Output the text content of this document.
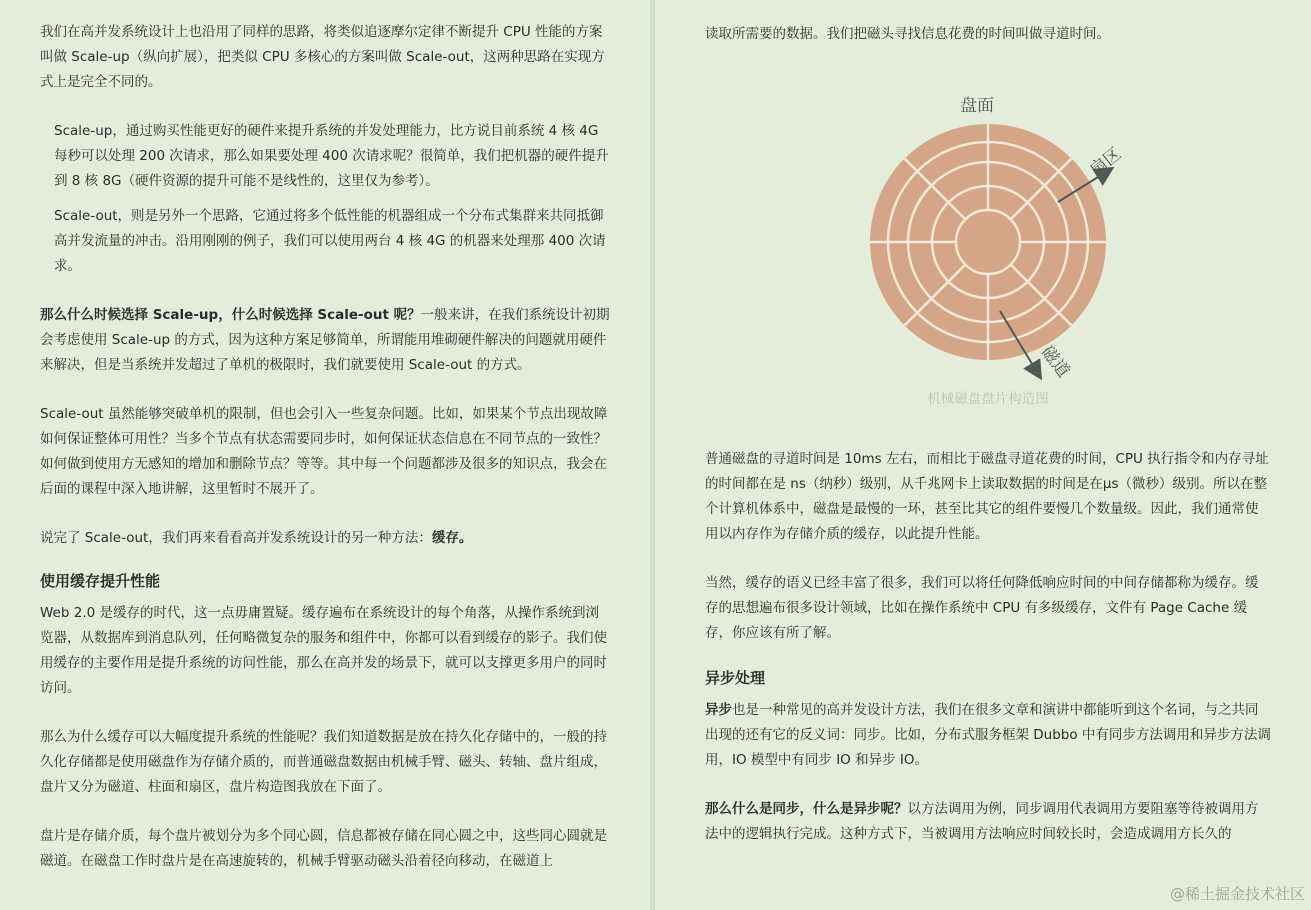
我们在高并发系统设计上也沿用了同样的思路，将类似追逐摩尔定律不断提升 CPU 性能的方案叫做 Scale-up（纵向扩展），把类似 CPU 多核心的方案叫做 Scale-out，这两种思路在实现方式上是完全不同的。

Scale-up，通过购买性能更好的硬件来提升系统的并发处理能力，比方说目前系统 4 核 4G 每秒可以处理 200 次请求，那么如果要处理 400 次请求呢？很简单，我们把机器的硬件提升到 8 核 8G（硬件资源的提升可能不是线性的，这里仅为参考）。

Scale-out，则是另外一个思路，它通过将多个低性能的机器组成一个分布式集群来共同抵御高并发流量的冲击。沿用刚刚的例子，我们可以使用两台 4 核 4G 的机器来处理那 400 次请求。

那么什么时候选择 Scale-up，什么时候选择 Scale-out 呢？一般来讲，在我们系统设计初期会考虑使用 Scale-up 的方式，因为这种方案足够简单，所谓能用堆砌硬件解决的问题就用硬件来解决，但是当系统并发超过了单机的极限时，我们就要使用 Scale-out 的方式。

Scale-out 虽然能够突破单机的限制，但也会引入一些复杂问题。比如，如果某个节点出现故障如何保证整体可用性？当多个节点有状态需要同步时，如何保证状态信息在不同节点的一致性？如何做到使用方无感知的增加和删除节点？等等。其中每一个问题都涉及很多的知识点，我会在后面的课程中深入地讲解，这里暂时不展开了。

说完了 Scale-out，我们再来看看高并发系统设计的另一种方法：缓存。

使用缓存提升性能

Web 2.0 是缓存的时代，这一点毋庸置疑。缓存遍布在系统设计的每个角落，从操作系统到浏览器，从数据库到消息队列，任何略微复杂的服务和组件中，你都可以看到缓存的影子。我们使用缓存的主要作用是提升系统的访问性能，那么在高并发的场景下，就可以支撑更多用户的同时访问。

那么为什么缓存可以大幅度提升系统的性能呢？我们知道数据是放在持久化存储中的，一般的持久化存储都是使用磁盘作为存储介质的，而普通磁盘数据由机械手臂、磁头、转轴、盘片组成，盘片又分为磁道、柱面和扇区，盘片构造图我放在下面了。

盘片是存储介质，每个盘片被划分为多个同心圆，信息都被存储在同心圆之中，这些同心圆就是磁道。在磁盘工作时盘片是在高速旋转的，机械手臂驱动磁头沿着径向移动，在磁道上

读取所需要的数据。我们把磁头寻找信息花费的时间叫做寻道时间。

盘面
扇区
磁道
机械磁盘盘片构造图

普通磁盘的寻道时间是 10ms 左右，而相比于磁盘寻道花费的时间，CPU 执行指令和内存寻址的时间都在是 ns（纳秒）级别，从千兆网卡上读取数据的时间是在μs（微秒）级别。所以在整个计算机体系中，磁盘是最慢的一环，甚至比其它的组件要慢几个数量级。因此，我们通常使用以内存作为存储介质的缓存，以此提升性能。

当然，缓存的语义已经丰富了很多，我们可以将任何降低响应时间的中间存储都称为缓存。缓存的思想遍布很多设计领域，比如在操作系统中 CPU 有多级缓存，文件有 Page Cache 缓存，你应该有所了解。

异步处理

异步也是一种常见的高并发设计方法，我们在很多文章和演讲中都能听到这个名词，与之共同出现的还有它的反义词：同步。比如，分布式服务框架 Dubbo 中有同步方法调用和异步方法调用，IO 模型中有同步 IO 和异步 IO。

那么什么是同步，什么是异步呢？以方法调用为例，同步调用代表调用方要阻塞等待被调用方法中的逻辑执行完成。这种方式下，当被调用方法响应时间较长时，会造成调用方长久的

@稀土掘金技术社区
